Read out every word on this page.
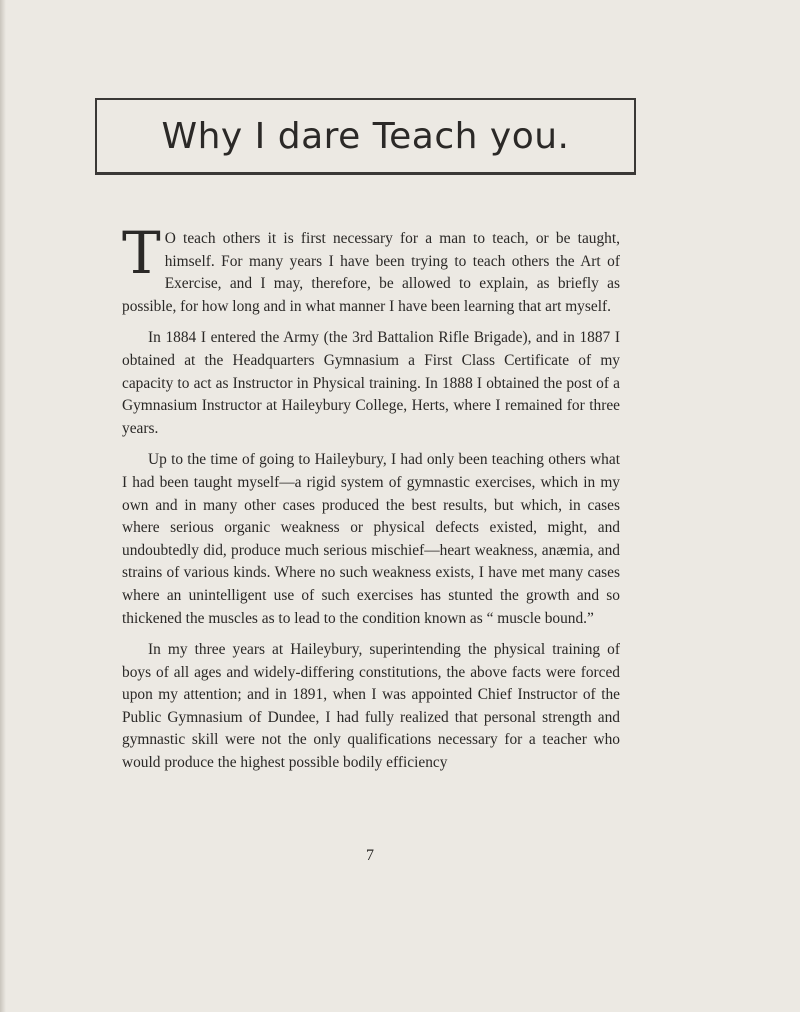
Why I dare Teach you.

T O teach others it is first necessary for a man to teach, or be taught, himself. For many years I have been trying to teach others the Art of Exercise, and I may, therefore, be allowed to explain, as briefly as possible, for how long and in what manner I have been learning that art myself.

In 1884 I entered the Army (the 3rd Battalion Rifle Brigade), and in 1887 I obtained at the Headquarters Gymnasium a First Class Certificate of my capacity to act as Instructor in Physical training. In 1888 I obtained the post of a Gymnasium Instructor at Haileybury College, Herts, where I remained for three years.

Up to the time of going to Haileybury, I had only been teaching others what I had been taught myself—a rigid system of gymnastic exercises, which in my own and in many other cases produced the best results, but which, in cases where serious organic weakness or physical defects existed, might, and undoubtedly did, produce much serious mischief—heart weakness, anæmia, and strains of various kinds. Where no such weakness exists, I have met many cases where an unintelligent use of such exercises has stunted the growth and so thickened the muscles as to lead to the condition known as “ muscle bound.”

In my three years at Haileybury, superintending the physical training of boys of all ages and widely-differing constitutions, the above facts were forced upon my attention; and in 1891, when I was appointed Chief Instructor of the Public Gymnasium of Dundee, I had fully realized that personal strength and gymnastic skill were not the only qualifications necessary for a teacher who would produce the highest possible bodily efficiency

7
